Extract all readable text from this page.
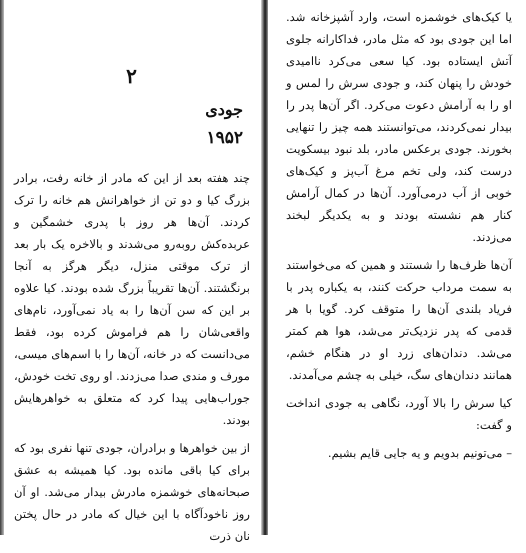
۲
جودی
۱۹۵۲

چند هفته بعد از این که مادر از خانه رفت، برادر بزرگ کیا و دو تن از خواهرانش هم خانه را ترک کردند. آن‌ها هر روز با پدری خشمگین و عربده‌کش روبه‌رو می‌شدند و بالاخره یک بار بعد از ترک موقتی منزل، دیگر هرگز به آنجا برنگشتند. آن‌ها تقریباً بزرگ شده بودند. کیا علاوه بر این که سن آن‌ها را به یاد نمی‌آورد، نام‌های واقعی‌شان را هم فراموش کرده بود، فقط می‌دانست که در خانه، آن‌ها را با اسم‌های میسی، مورف و مندی صدا می‌زدند. او روی تخت خودش، جوراب‌هایی پیدا کرد که متعلق به خواهرهایش بودند.

از بین خواهرها و برادران، جودی تنها نفری بود که برای کیا باقی مانده بود. کیا همیشه به عشق صبحانه‌های خوشمزه مادرش بیدار می‌شد. او آن روز ناخودآگاه با این خیال که مادر در حال پختن نان ذرت

یا کیک‌های خوشمزه است، وارد آشپزخانه شد. اما این جودی بود که مثل مادر، فداکارانه جلوی آتش ایستاده بود. کیا سعی می‌کرد ناامیدی خودش را پنهان کند، و جودی سرش را لمس و او را به آرامش دعوت می‌کرد. اگر آن‌ها پدر را بیدار نمی‌کردند، می‌توانستند همه چیز را تنهایی بخورند. جودی برعکس مادر، بلد نبود بیسکویت درست کند، ولی تخم مرغ آب‌پز و کیک‌های خوبی از آب درمی‌آورد. آن‌ها در کمال آرامش کنار هم نشسته بودند و به یکدیگر لبخند می‌زدند.

آن‌ها ظرف‌ها را شستند و همین که می‌خواستند به سمت مرداب حرکت کنند، به یکباره پدر با فریاد بلندی آن‌ها را متوقف کرد. گویا با هر قدمی که پدر نزدیک‌تر می‌شد، هوا هم کمتر می‌شد. دندان‌های زرد او در هنگام خشم، همانند دندان‌های سگ، خیلی به چشم می‌آمدند.

کیا سرش را بالا آورد، نگاهی به جودی انداخت و گفت:

– می‌تونیم بدویم و یه جایی قایم بشیم.
